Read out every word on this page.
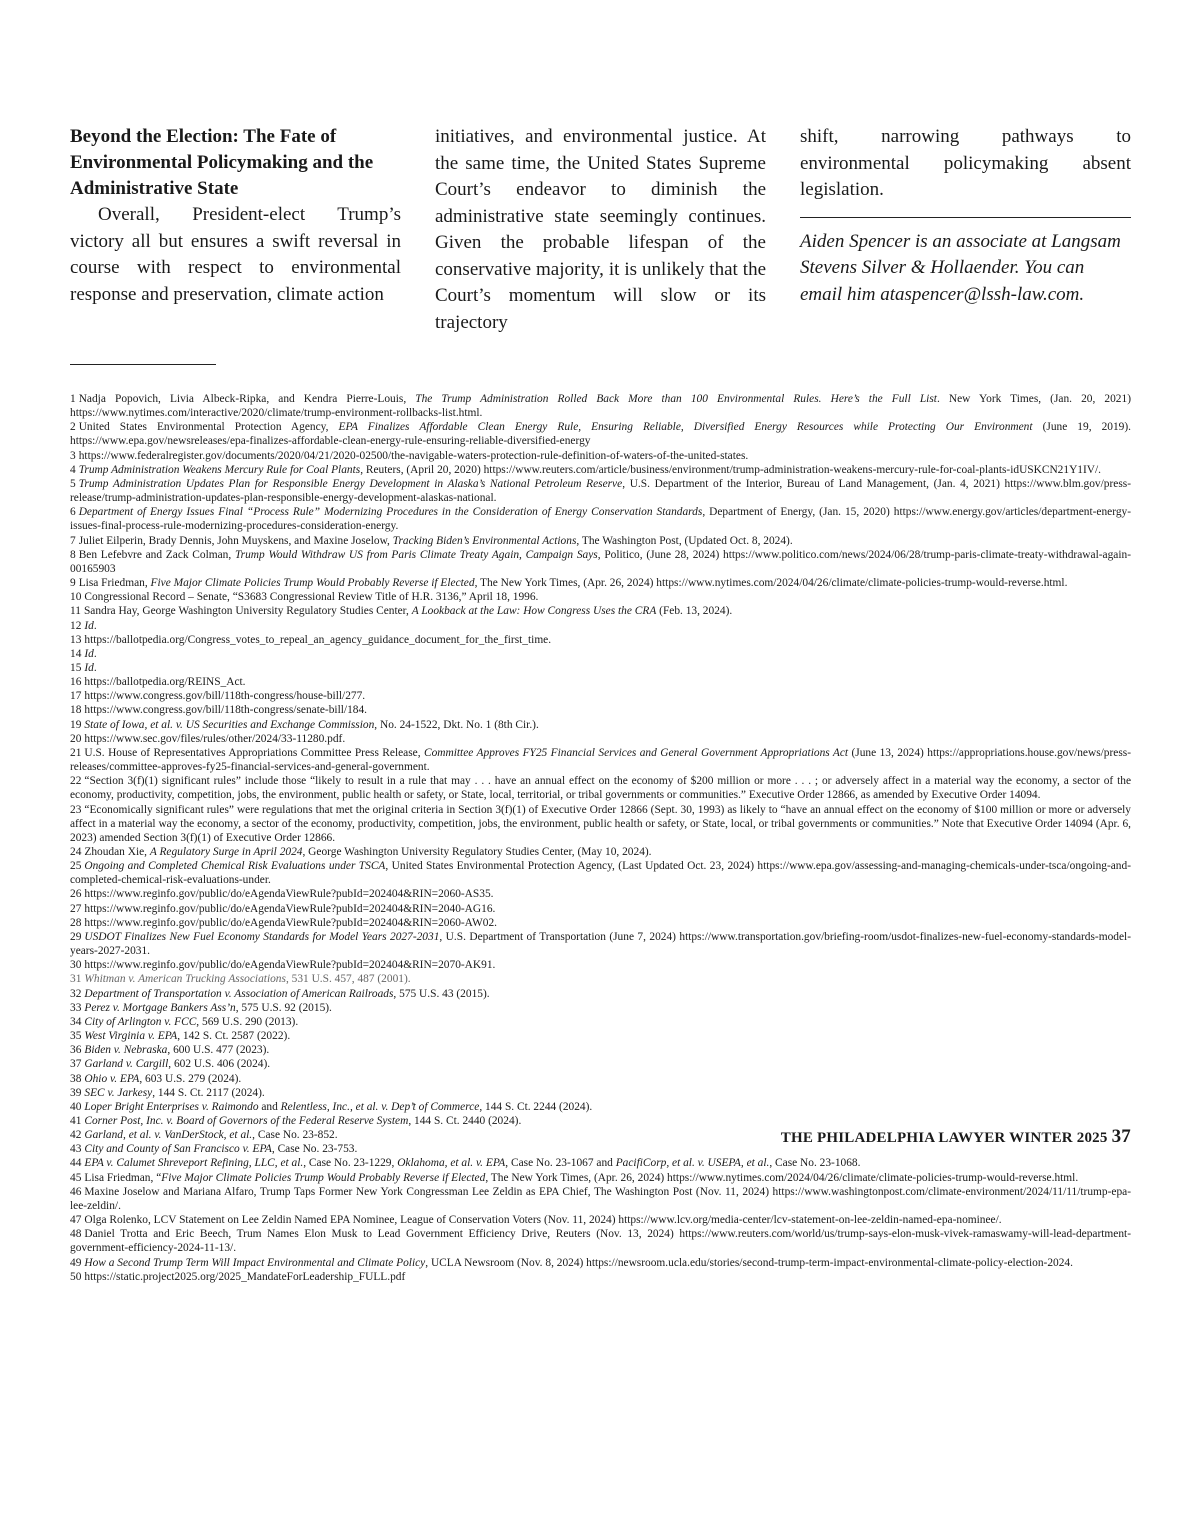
Beyond the Election: The Fate of Environmental Policymaking and the Administrative State

Overall, President-elect Trump’s victory all but ensures a swift reversal in course with respect to environmental response and preservation, climate action

initiatives, and environmental justice. At the same time, the United States Supreme Court’s endeavor to diminish the administrative state seemingly continues. Given the probable lifespan of the conservative majority, it is unlikely that the Court’s momentum will slow or its trajectory

shift, narrowing pathways to environmental policymaking absent legislation.

Aiden Spencer is an associate at Langsam Stevens Silver & Hollaender. You can email him ataspencer@lssh-law.com.

1 Nadja Popovich, Livia Albeck-Ripka, and Kendra Pierre-Louis, The Trump Administration Rolled Back More than 100 Environmental Rules. Here’s the Full List. New York Times, (Jan. 20, 2021) https://www.nytimes.com/interactive/2020/climate/trump-environment-rollbacks-list.html.

2 United States Environmental Protection Agency, EPA Finalizes Affordable Clean Energy Rule, Ensuring Reliable, Diversified Energy Resources while Protecting Our Environment (June 19, 2019). https://www.epa.gov/newsreleases/epa-finalizes-affordable-clean-energy-rule-ensuring-reliable-diversified-energy

3 https://www.federalregister.gov/documents/2020/04/21/2020-02500/the-navigable-waters-protection-rule-definition-of-waters-of-the-united-states.

4 Trump Administration Weakens Mercury Rule for Coal Plants, Reuters, (April 20, 2020) https://www.reuters.com/article/business/environment/trump-administration-weakens-mercury-rule-for-coal-plants-idUSKCN21Y1IV/.

5 Trump Administration Updates Plan for Responsible Energy Development in Alaska’s National Petroleum Reserve, U.S. Department of the Interior, Bureau of Land Management, (Jan. 4, 2021) https://www.blm.gov/press-release/trump-administration-updates-plan-responsible-energy-development-alaskas-national.

6 Department of Energy Issues Final “Process Rule” Modernizing Procedures in the Consideration of Energy Conservation Standards, Department of Energy, (Jan. 15, 2020) https://www.energy.gov/articles/department-energy-issues-final-process-rule-modernizing-procedures-consideration-energy.

7 Juliet Eilperin, Brady Dennis, John Muyskens, and Maxine Joselow, Tracking Biden’s Environmental Actions, The Washington Post, (Updated Oct. 8, 2024).

8 Ben Lefebvre and Zack Colman, Trump Would Withdraw US from Paris Climate Treaty Again, Campaign Says, Politico, (June 28, 2024) https://www.politico.com/news/2024/06/28/trump-paris-climate-treaty-withdrawal-again-00165903

9 Lisa Friedman, Five Major Climate Policies Trump Would Probably Reverse if Elected, The New York Times, (Apr. 26, 2024) https://www.nytimes.com/2024/04/26/climate/climate-policies-trump-would-reverse.html.

10 Congressional Record – Senate, “S3683 Congressional Review Title of H.R. 3136,” April 18, 1996.

11 Sandra Hay, George Washington University Regulatory Studies Center, A Lookback at the Law: How Congress Uses the CRA (Feb. 13, 2024).

12 Id.

13 https://ballotpedia.org/Congress_votes_to_repeal_an_agency_guidance_document_for_the_first_time.

14 Id.

15 Id.

16 https://ballotpedia.org/REINS_Act.

17 https://www.congress.gov/bill/118th-congress/house-bill/277.

18 https://www.congress.gov/bill/118th-congress/senate-bill/184.

19 State of Iowa, et al. v. US Securities and Exchange Commission, No. 24-1522, Dkt. No. 1 (8th Cir.).

20 https://www.sec.gov/files/rules/other/2024/33-11280.pdf.

21 U.S. House of Representatives Appropriations Committee Press Release, Committee Approves FY25 Financial Services and General Government Appropriations Act (June 13, 2024) https://appropriations.house.gov/news/press-releases/committee-approves-fy25-financial-services-and-general-government.

22 “Section 3(f)(1) significant rules” include those “likely to result in a rule that may . . . have an annual effect on the economy of $200 million or more . . . ; or adversely affect in a material way the economy, a sector of the economy, productivity, competition, jobs, the environment, public health or safety, or State, local, territorial, or tribal governments or communities.” Executive Order 12866, as amended by Executive Order 14094.

23 “Economically significant rules” were regulations that met the original criteria in Section 3(f)(1) of Executive Order 12866 (Sept. 30, 1993) as likely to “have an annual effect on the economy of $100 million or more or adversely affect in a material way the economy, a sector of the economy, productivity, competition, jobs, the environment, public health or safety, or State, local, or tribal governments or communities.” Note that Executive Order 14094 (Apr. 6, 2023) amended Section 3(f)(1) of Executive Order 12866.

24 Zhoudan Xie, A Regulatory Surge in April 2024, George Washington University Regulatory Studies Center, (May 10, 2024).

25 Ongoing and Completed Chemical Risk Evaluations under TSCA, United States Environmental Protection Agency, (Last Updated Oct. 23, 2024) https://www.epa.gov/assessing-and-managing-chemicals-under-tsca/ongoing-and-completed-chemical-risk-evaluations-under.

26 https://www.reginfo.gov/public/do/eAgendaViewRule?pubId=202404&RIN=2060-AS35.

27 https://www.reginfo.gov/public/do/eAgendaViewRule?pubId=202404&RIN=2040-AG16.

28 https://www.reginfo.gov/public/do/eAgendaViewRule?pubId=202404&RIN=2060-AW02.

29 USDOT Finalizes New Fuel Economy Standards for Model Years 2027-2031, U.S. Department of Transportation (June 7, 2024) https://www.transportation.gov/briefing-room/usdot-finalizes-new-fuel-economy-standards-model-years-2027-2031.

30 https://www.reginfo.gov/public/do/eAgendaViewRule?pubId=202404&RIN=2070-AK91.

31 Whitman v. American Trucking Associations, 531 U.S. 457, 487 (2001).

32 Department of Transportation v. Association of American Railroads, 575 U.S. 43 (2015).

33 Perez v. Mortgage Bankers Ass’n, 575 U.S. 92 (2015).

34 City of Arlington v. FCC, 569 U.S. 290 (2013).

35 West Virginia v. EPA, 142 S. Ct. 2587 (2022).

36 Biden v. Nebraska, 600 U.S. 477 (2023).

37 Garland v. Cargill, 602 U.S. 406 (2024).

38 Ohio v. EPA, 603 U.S. 279 (2024).

39 SEC v. Jarkesy, 144 S. Ct. 2117 (2024).

40 Loper Bright Enterprises v. Raimondo and Relentless, Inc., et al. v. Dep’t of Commerce, 144 S. Ct. 2244 (2024).

41 Corner Post, Inc. v. Board of Governors of the Federal Reserve System, 144 S. Ct. 2440 (2024).

42 Garland, et al. v. VanDerStock, et al., Case No. 23-852.

43 City and County of San Francisco v. EPA, Case No. 23-753.

44 EPA v. Calumet Shreveport Refining, LLC, et al., Case No. 23-1229, Oklahoma, et al. v. EPA, Case No. 23-1067 and PacifiCorp, et al. v. USEPA, et al., Case No. 23-1068.

45 Lisa Friedman, “Five Major Climate Policies Trump Would Probably Reverse if Elected, The New York Times, (Apr. 26, 2024) https://www.nytimes.com/2024/04/26/climate/climate-policies-trump-would-reverse.html.

46 Maxine Joselow and Mariana Alfaro, Trump Taps Former New York Congressman Lee Zeldin as EPA Chief, The Washington Post (Nov. 11, 2024) https://www.washingtonpost.com/climate-environment/2024/11/11/trump-epa-lee-zeldin/.

47 Olga Rolenko, LCV Statement on Lee Zeldin Named EPA Nominee, League of Conservation Voters (Nov. 11, 2024) https://www.lcv.org/media-center/lcv-statement-on-lee-zeldin-named-epa-nominee/.

48 Daniel Trotta and Eric Beech, Trum Names Elon Musk to Lead Government Efficiency Drive, Reuters (Nov. 13, 2024) https://www.reuters.com/world/us/trump-says-elon-musk-vivek-ramaswamy-will-lead-department-government-efficiency-2024-11-13/.

49 How a Second Trump Term Will Impact Environmental and Climate Policy, UCLA Newsroom (Nov. 8, 2024) https://newsroom.ucla.edu/stories/second-trump-term-impact-environmental-climate-policy-election-2024.

50 https://static.project2025.org/2025_MandateForLeadership_FULL.pdf

THE PHILADELPHIA LAWYER WINTER 2025 37
